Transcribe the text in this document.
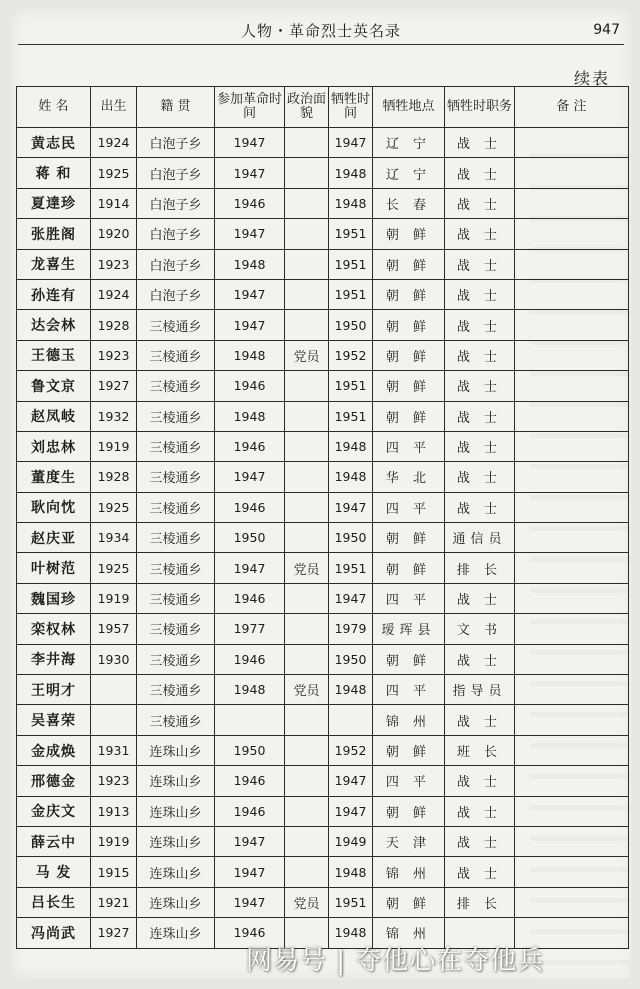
人物・革命烈士英名录	947
续表
姓 名	出生	籍 贯	参加革命时 间	政治面貌	牺牲时间	牺牲地点	牺牲时职务	备 注
黄志民	1924	白泡子乡	1947		1947	辽 宁	战 士	
蒋 和	1925	白泡子乡	1947		1948	辽 宁	战 士	
夏達珍	1914	白泡子乡	1946		1948	长 春	战 士	
张胜阁	1920	白泡子乡	1947		1951	朝 鲜	战 士	
龙喜生	1923	白泡子乡	1948		1951	朝 鲜	战 士	
孙连有	1924	白泡子乡	1947		1951	朝 鲜	战 士	
达会林	1928	三棱通乡	1947		1950	朝 鲜	战 士	
王德玉	1923	三棱通乡	1948	党员	1952	朝 鲜	战 士	
鲁文京	1927	三棱通乡	1946		1951	朝 鲜	战 士	
赵凤岐	1932	三棱通乡	1948		1951	朝 鲜	战 士	
刘忠林	1919	三棱通乡	1946		1948	四 平	战 士	
董度生	1928	三棱通乡	1947		1948	华 北	战 士	
耿向忱	1925	三棱通乡	1946		1947	四 平	战 士	
赵庆亚	1934	三棱通乡	1950		1950	朝 鲜	通信员	
叶树范	1925	三棱通乡	1947	党员	1951	朝 鲜	排 长	
魏国珍	1919	三棱通乡	1946		1947	四 平	战 士	
栾权林	1957	三棱通乡	1977		1979	瑷珲县	文 书	
李井海	1930	三棱通乡	1946		1950	朝 鲜	战 士	
王明才		三棱通乡	1948	党员	1948	四 平	指导员	
吴喜荣		三棱通乡				锦 州	战 士	
金成焕	1931	连珠山乡	1950		1952	朝 鲜	班 长	
邢德金	1923	连珠山乡	1946		1947	四 平	战 士	
金庆文	1913	连珠山乡	1946		1947	朝 鲜	战 士	
薛云中	1919	连珠山乡	1947		1949	天 津	战 士	
马 发	1915	连珠山乡	1947		1948	锦 州	战 士	
吕长生	1921	连珠山乡	1947	党员	1951	朝 鲜	排 长	
冯尚武	1927	连珠山乡	1946		1948	锦 州		
网易号 | 夺他心在夺他兵
